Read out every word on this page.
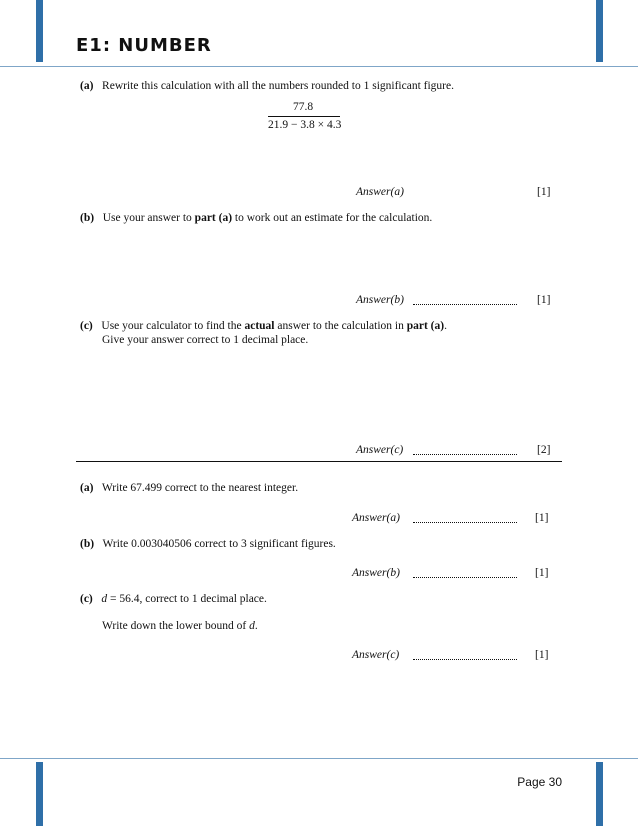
E1: NUMBER
(a) Rewrite this calculation with all the numbers rounded to 1 significant figure.
77.8
21.9 − 3.8 × 4.3
Answer(a)	[1]
(b) Use your answer to part (a) to work out an estimate for the calculation.
Answer(b)	[1]
(c) Use your calculator to find the actual answer to the calculation in part (a).
Give your answer correct to 1 decimal place.
Answer(c)	[2]
(a) Write 67.499 correct to the nearest integer.
Answer(a)	[1]
(b) Write 0.003040506 correct to 3 significant figures.
Answer(b)	[1]
(c) d = 56.4, correct to 1 decimal place.
Write down the lower bound of d.
Answer(c)	[1]
Page 30
